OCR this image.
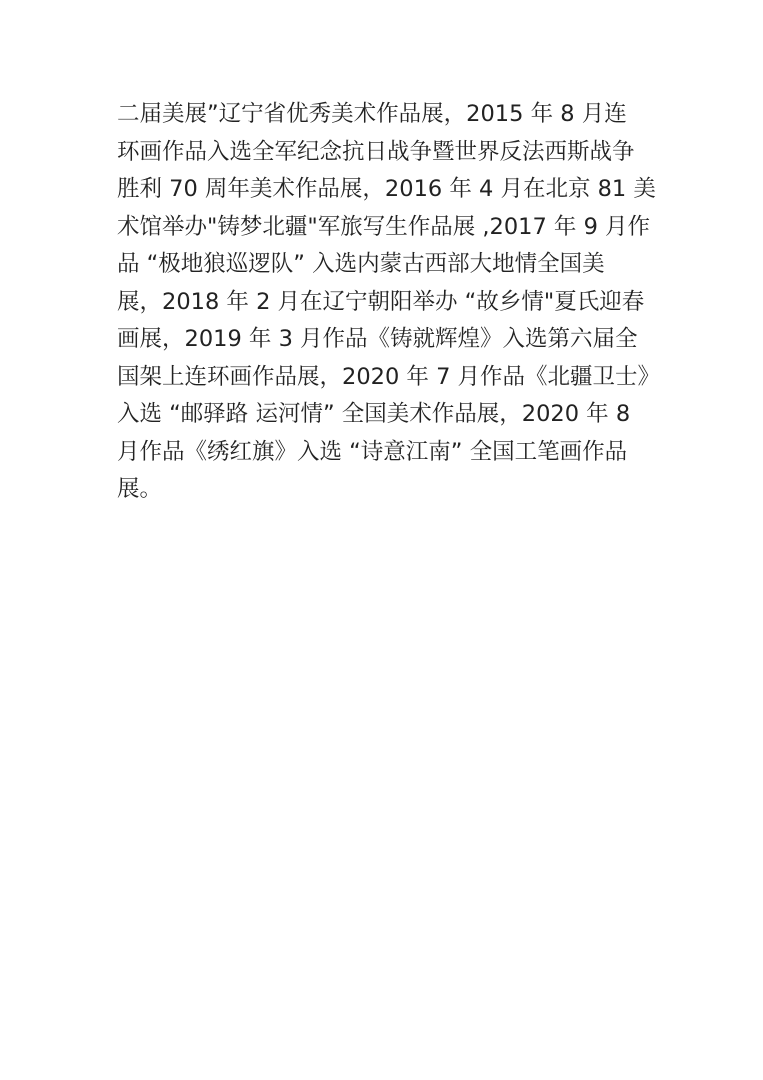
二届美展”辽宁省优秀美术作品展，2015 年 8 月连
环画作品入选全军纪念抗日战争暨世界反法西斯战争
胜利 70 周年美术作品展，2016 年 4 月在北京 81 美
术馆举办"铸梦北疆"军旅写生作品展 ,2017 年 9 月作
品 “极地狼巡逻队” 入选内蒙古西部大地情全国美
展，2018 年 2 月在辽宁朝阳举办 “故乡情"夏氏迎春
画展，2019 年 3 月作品《铸就辉煌》入选第六届全
国架上连环画作品展，2020 年 7 月作品《北疆卫士》
入选 “邮驿路 运河情” 全国美术作品展，2020 年 8
月作品《绣红旗》入选 “诗意江南” 全国工笔画作品
展。
